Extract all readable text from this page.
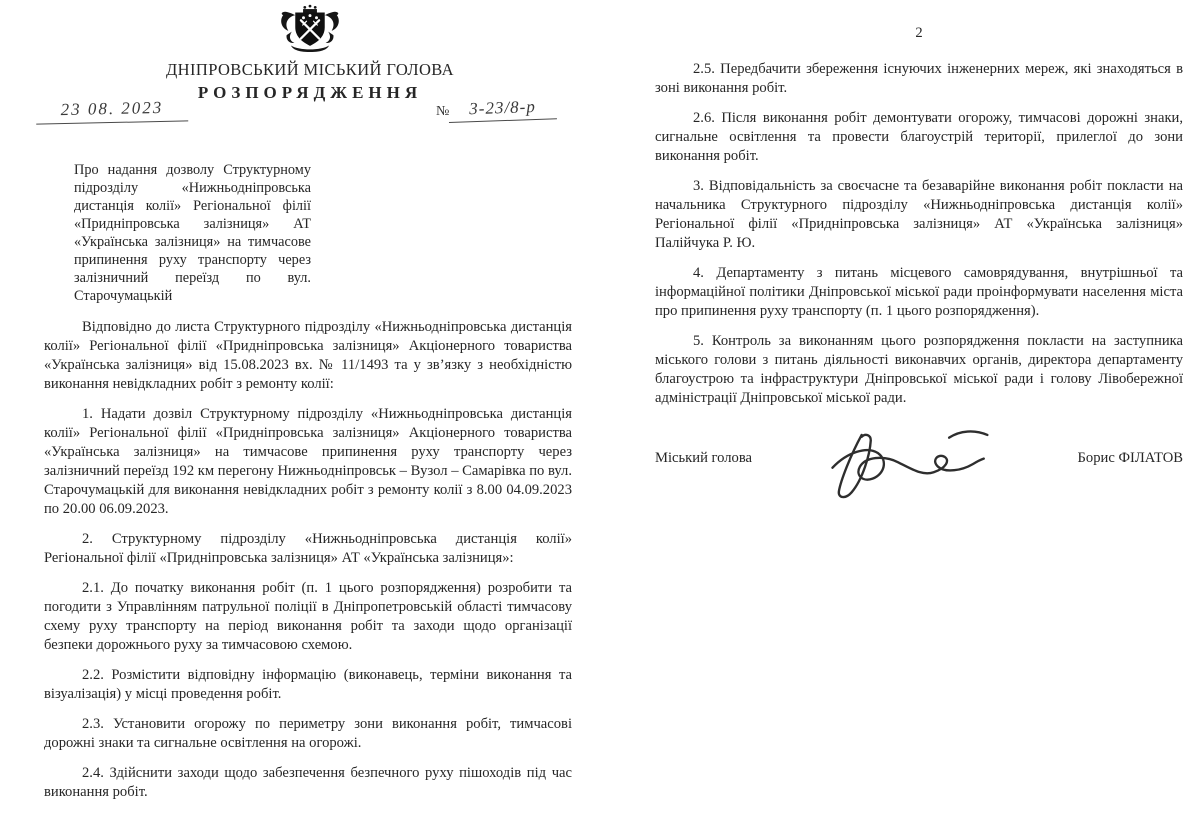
ДНІПРОВСЬКИЙ МІСЬКИЙ ГОЛОВА
РОЗПОРЯДЖЕННЯ
23 08. 2023	№ 3-23/8-р
Про надання дозволу Структурному підрозділу «Нижньодніпровська дистанція колії» Регіональної філії «Придніпровська залізниця» АТ «Українська залізниця» на тимчасове припинення руху транспорту через залізничний переїзд по вул. Старочумацькій

Відповідно до листа Структурного підрозділу «Нижньодніпровська дистанція колії» Регіональної філії «Придніпровська залізниця» Акціонерного товариства «Українська залізниця» від 15.08.2023 вх. № 11/1493 та у зв’язку з необхідністю виконання невідкладних робіт з ремонту колії:

1. Надати дозвіл Структурному підрозділу «Нижньодніпровська дистанція колії» Регіональної філії «Придніпровська залізниця» Акціонерного товариства «Українська залізниця» на тимчасове припинення руху транспорту через залізничний переїзд 192 км перегону Нижньодніпровськ – Вузол – Самарівка по вул. Старочумацькій для виконання невідкладних робіт з ремонту колії з 8.00 04.09.2023 по 20.00 06.09.2023.

2. Структурному підрозділу «Нижньодніпровська дистанція колії» Регіональної філії «Придніпровська залізниця» АТ «Українська залізниця»:

2.1. До початку виконання робіт (п. 1 цього розпорядження) розробити та погодити з Управлінням патрульної поліції в Дніпропетровській області тимчасову схему руху транспорту на період виконання робіт та заходи щодо організації безпеки дорожнього руху за тимчасовою схемою.

2.2. Розмістити відповідну інформацію (виконавець, терміни виконання та візуалізація) у місці проведення робіт.

2.3. Установити огорожу по периметру зони виконання робіт, тимчасові дорожні знаки та сигнальне освітлення на огорожі.

2.4. Здійснити заходи щодо забезпечення безпечного руху пішоходів під час виконання робіт.

2

2.5. Передбачити збереження існуючих інженерних мереж, які знаходяться в зоні виконання робіт.

2.6. Після виконання робіт демонтувати огорожу, тимчасові дорожні знаки, сигнальне освітлення та провести благоустрій території, прилеглої до зони виконання робіт.

3. Відповідальність за своєчасне та безаварійне виконання робіт покласти на начальника Структурного підрозділу «Нижньодніпровська дистанція колії» Регіональної філії «Придніпровська залізниця» АТ «Українська залізниця» Палійчука Р. Ю.

4. Департаменту з питань місцевого самоврядування, внутрішньої та інформаційної політики Дніпровської міської ради проінформувати населення міста про припинення руху транспорту (п. 1 цього розпорядження).

5. Контроль за виконанням цього розпорядження покласти на заступника міського голови з питань діяльності виконавчих органів, директора департаменту благоустрою та інфраструктури Дніпровської міської ради і голову Лівобережної адміністрації Дніпровської міської ради.

Міський голова	Борис ФІЛАТОВ
